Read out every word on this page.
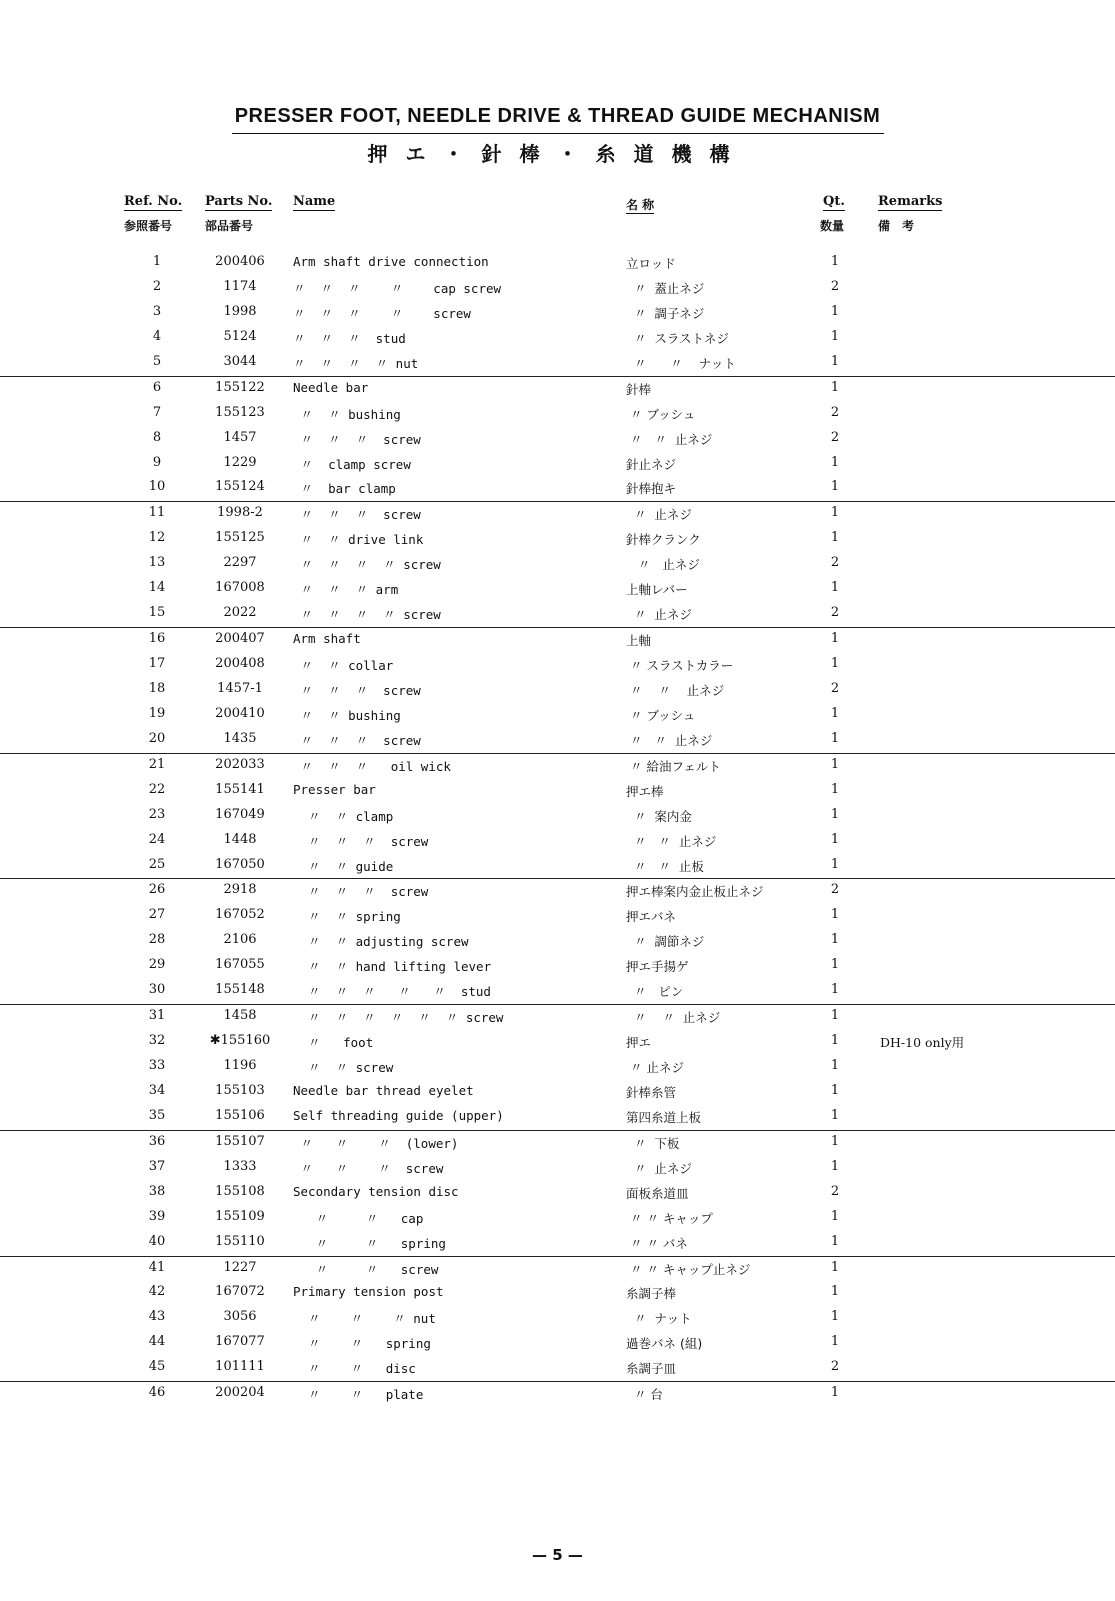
PRESSER FOOT, NEEDLE DRIVE & THREAD GUIDE MECHANISM
押エ・針棒・糸道機構
Ref. No.
参照番号
Parts No.
部品番号
Name	名 称	Qt.
数量
Remarks
備　考
1	200406	Arm shaft drive connection	立ロッド	1
2	1174	〃  〃  〃    〃    cap screw	〃  蓋止ネジ	2
3	1998	〃  〃  〃    〃    screw	〃  調子ネジ	1
4	5124	〃  〃  〃  stud	〃  スラストネジ	1
5	3044	〃  〃  〃  〃 nut	〃      〃    ナット	1
6	155122	Needle bar	針棒	1
7	155123	〃  〃 bushing	〃 ブッシュ	2
8	1457	〃  〃  〃  screw	〃   〃  止ネジ	2
9	1229	〃  clamp screw	針止ネジ	1
10	155124	〃  bar clamp	針棒抱キ	1
11	1998-2	〃  〃  〃  screw	〃  止ネジ	1
12	155125	〃  〃 drive link	針棒クランク	1
13	2297	〃  〃  〃  〃 screw	〃   止ネジ	2
14	167008	〃  〃  〃 arm	上軸レバー	1
15	2022	〃  〃  〃  〃 screw	〃  止ネジ	2
16	200407	Arm shaft	上軸	1
17	200408	〃  〃 collar	〃 スラストカラー	1
18	1457-1	〃  〃  〃  screw	〃    〃    止ネジ	2
19	200410	〃  〃 bushing	〃 ブッシュ	1
20	1435	〃  〃  〃  screw	〃   〃  止ネジ	1
21	202033	〃  〃  〃   oil wick	〃 給油フェルト	1
22	155141	Presser bar	押エ棒	1
23	167049	〃  〃 clamp	〃  案内金	1
24	1448	〃  〃  〃  screw	〃   〃  止ネジ	1
25	167050	〃  〃 guide	〃   〃  止板	1
26	2918	〃  〃  〃  screw	押エ棒案内金止板止ネジ	2
27	167052	〃  〃 spring	押エバネ	1
28	2106	〃  〃 adjusting screw	〃  調節ネジ	1
29	167055	〃  〃 hand lifting lever	押エ手揚ゲ	1
30	155148	〃  〃  〃   〃   〃  stud	〃   ピン	1
31	1458	〃  〃  〃  〃  〃  〃 screw	〃    〃  止ネジ	1
32	✱155160	〃   foot	押エ	1	DH-10 only用
33	1196	〃  〃 screw	〃 止ネジ	1
34	155103	Needle bar thread eyelet	針棒糸管	1
35	155106	Self threading guide (upper)	第四糸道上板	1
36	155107	〃   〃    〃  (lower)	〃  下板	1
37	1333	〃   〃    〃  screw	〃  止ネジ	1
38	155108	Secondary tension disc	面板糸道皿	2
39	155109	〃     〃   cap	〃 〃 キャップ	1
40	155110	〃     〃   spring	〃 〃 バネ	1
41	1227	〃     〃   screw	〃 〃 キャップ止ネジ	1
42	167072	Primary tension post	糸調子棒	1
43	3056	〃    〃    〃 nut	〃  ナット	1
44	167077	〃    〃   spring	過巻バネ (組)	1
45	101111	〃    〃   disc	糸調子皿	2
46	200204	〃    〃   plate	〃 台	1
— 5 —
